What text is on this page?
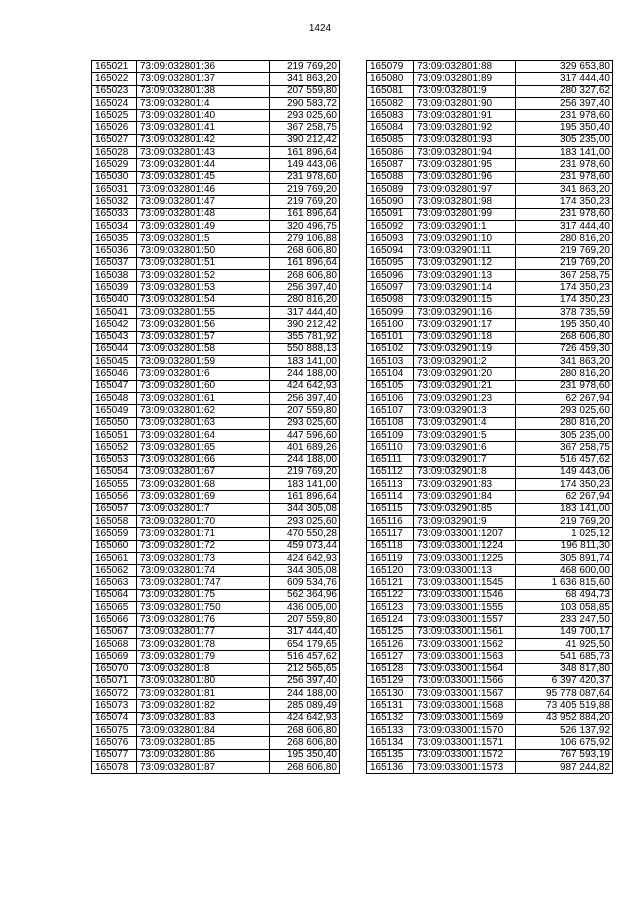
1424
165021	73:09:032801:36	219 769,20
165022	73:09:032801:37	341 863,20
165023	73:09:032801:38	207 559,80
165024	73:09:032801:4	290 583,72
165025	73:09:032801:40	293 025,60
165026	73:09:032801:41	367 258,75
165027	73:09:032801:42	390 212,42
165028	73:09:032801:43	161 896,64
165029	73:09:032801:44	149 443,06
165030	73:09:032801:45	231 978,60
165031	73:09:032801:46	219 769,20
165032	73:09:032801:47	219 769,20
165033	73:09:032801:48	161 896,64
165034	73:09:032801:49	320 496,75
165035	73:09:032801:5	279 106,88
165036	73:09:032801:50	268 606,80
165037	73:09:032801:51	161 896,64
165038	73:09:032801:52	268 606,80
165039	73:09:032801:53	256 397,40
165040	73:09:032801:54	280 816,20
165041	73:09:032801:55	317 444,40
165042	73:09:032801:56	390 212,42
165043	73:09:032801:57	355 781,92
165044	73:09:032801:58	550 888,13
165045	73:09:032801:59	183 141,00
165046	73:09:032801:6	244 188,00
165047	73:09:032801:60	424 642,93
165048	73:09:032801:61	256 397,40
165049	73:09:032801:62	207 559,80
165050	73:09:032801:63	293 025,60
165051	73:09:032801:64	447 596,60
165052	73:09:032801:65	401 689,26
165053	73:09:032801:66	244 188,00
165054	73:09:032801:67	219 769,20
165055	73:09:032801:68	183 141,00
165056	73:09:032801:69	161 896,64
165057	73:09:032801:7	344 305,08
165058	73:09:032801:70	293 025,60
165059	73:09:032801:71	470 550,28
165060	73:09:032801:72	459 073,44
165061	73:09:032801:73	424 642,93
165062	73:09:032801:74	344 305,08
165063	73:09:032801:747	609 534,76
165064	73:09:032801:75	562 364,96
165065	73:09:032801:750	436 005,00
165066	73:09:032801:76	207 559,80
165067	73:09:032801:77	317 444,40
165068	73:09:032801:78	654 179,65
165069	73:09:032801:79	516 457,62
165070	73:09:032801:8	212 565,65
165071	73:09:032801:80	256 397,40
165072	73:09:032801:81	244 188,00
165073	73:09:032801:82	285 089,49
165074	73:09:032801:83	424 642,93
165075	73:09:032801:84	268 606,80
165076	73:09:032801:85	268 606,80
165077	73:09:032801:86	195 350,40
165078	73:09:032801:87	268 606,80
165079	73:09:032801:88	329 653,80
165080	73:09:032801:89	317 444,40
165081	73:09:032801:9	280 327,62
165082	73:09:032801:90	256 397,40
165083	73:09:032801:91	231 978,60
165084	73:09:032801:92	195 350,40
165085	73:09:032801:93	305 235,00
165086	73:09:032801:94	183 141,00
165087	73:09:032801:95	231 978,60
165088	73:09:032801:96	231 978,60
165089	73:09:032801:97	341 863,20
165090	73:09:032801:98	174 350,23
165091	73:09:032801:99	231 978,60
165092	73:09:032901:1	317 444,40
165093	73:09:032901:10	280 816,20
165094	73:09:032901:11	219 769,20
165095	73:09:032901:12	219 769,20
165096	73:09:032901:13	367 258,75
165097	73:09:032901:14	174 350,23
165098	73:09:032901:15	174 350,23
165099	73:09:032901:16	378 735,59
165100	73:09:032901:17	195 350,40
165101	73:09:032901:18	268 606,80
165102	73:09:032901:19	726 459,30
165103	73:09:032901:2	341 863,20
165104	73:09:032901:20	280 816,20
165105	73:09:032901:21	231 978,60
165106	73:09:032901:23	62 267,94
165107	73:09:032901:3	293 025,60
165108	73:09:032901:4	280 816,20
165109	73:09:032901:5	305 235,00
165110	73:09:032901:6	367 258,75
165111	73:09:032901:7	516 457,62
165112	73:09:032901:8	149 443,06
165113	73:09:032901:83	174 350,23
165114	73:09:032901:84	62 267,94
165115	73:09:032901:85	183 141,00
165116	73:09:032901:9	219 769,20
165117	73:09:033001:1207	1 025,12
165118	73:09:033001:1224	196 811,30
165119	73:09:033001:1225	305 891,74
165120	73:09:033001:13	468 600,00
165121	73:09:033001:1545	1 636 815,60
165122	73:09:033001:1546	68 494,73
165123	73:09:033001:1555	103 058,85
165124	73:09:033001:1557	233 247,50
165125	73:09:033001:1561	149 700,17
165126	73:09:033001:1562	41 925,50
165127	73:09:033001:1563	541 685,73
165128	73:09:033001:1564	348 817,80
165129	73:09:033001:1566	6 397 420,37
165130	73:09:033001:1567	95 778 087,64
165131	73:09:033001:1568	73 405 519,88
165132	73:09:033001:1569	43 952 884,20
165133	73:09:033001:1570	526 137,92
165134	73:09:033001:1571	106 675,92
165135	73:09:033001:1572	767 593,19
165136	73:09:033001:1573	987 244,82
